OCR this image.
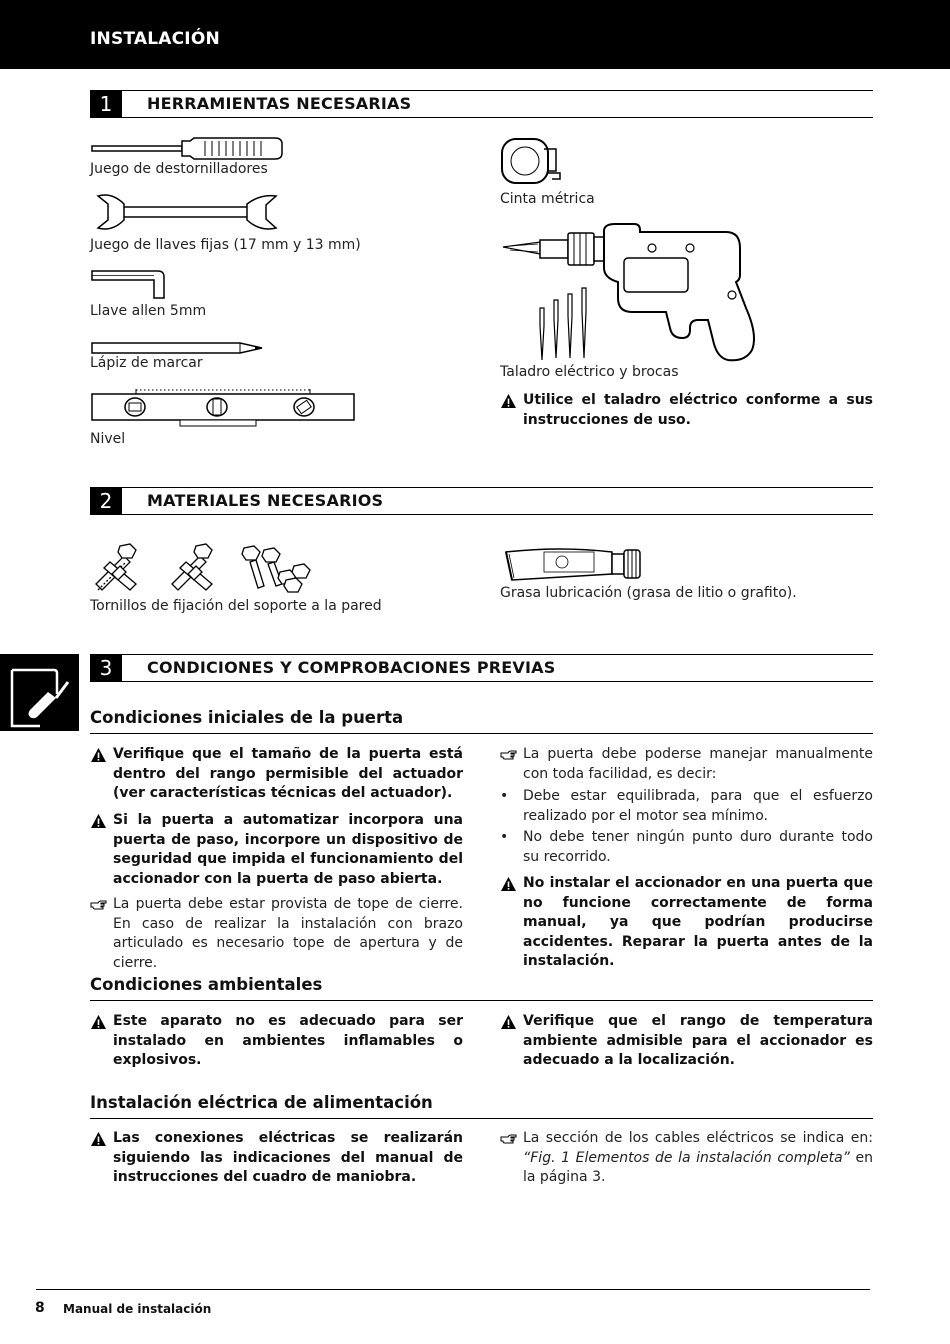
INSTALACIÓN
1	HERRAMIENTAS NECESARIAS
Juego de destornilladores
Juego de llaves fijas (17 mm y 13 mm)
Llave allen 5mm
Lápiz de marcar
Nivel
Cinta métrica
Taladro eléctrico y brocas
Utilice el taladro eléctrico conforme a sus instrucciones de uso.
2	MATERIALES NECESARIOS
Tornillos de fijación del soporte a la pared
Grasa lubricación (grasa de litio o grafito).
3	CONDICIONES Y COMPROBACIONES PREVIAS
Condiciones iniciales de la puerta
Verifique que el tamaño de la puerta está dentro del rango permisible del actuador (ver características técnicas del actuador).
Si la puerta a automatizar incorpora una puerta de paso, incorpore un dispositivo de seguridad que impida el funcionamiento del accionador con la puerta de paso abierta.
La puerta debe estar provista de tope de cierre. En caso de realizar la instalación con brazo articulado es necesario tope de apertura y de cierre.
La puerta debe poderse manejar manualmente con toda facilidad, es decir:
• Debe estar equilibrada, para que el esfuerzo realizado por el motor sea mínimo.
• No debe tener ningún punto duro durante todo su recorrido.
No instalar el accionador en una puerta que no funcione correctamente de forma manual, ya que podrían producirse accidentes. Reparar la puerta antes de la instalación.
Condiciones ambientales
Este aparato no es adecuado para ser instalado en ambientes inflamables o explosivos.
Verifique que el rango de temperatura ambiente admisible para el accionador es adecuado a la localización.
Instalación eléctrica de alimentación
Las conexiones eléctricas se realizarán siguiendo las indicaciones del manual de instrucciones del cuadro de maniobra.
La sección de los cables eléctricos se indica en: “Fig. 1 Elementos de la instalación completa” en la página 3.
8 Manual de instalación
